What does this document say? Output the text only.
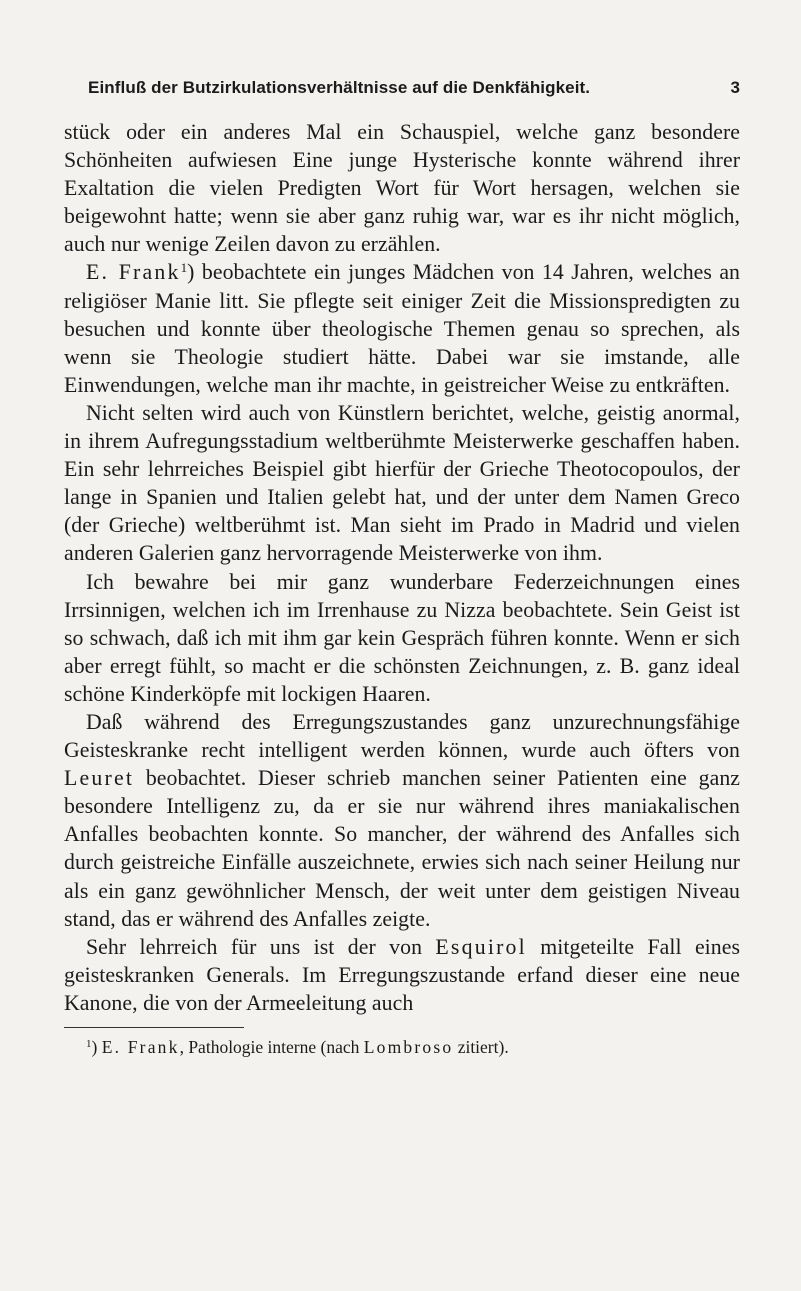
Einfluß der Butzirkulationsverhältnisse auf die Denkfähigkeit.	3

stück oder ein anderes Mal ein Schauspiel, welche ganz besondere Schönheiten aufwiesen Eine junge Hysterische konnte während ihrer Exaltation die vielen Predigten Wort für Wort hersagen, welchen sie beigewohnt hatte; wenn sie aber ganz ruhig war, war es ihr nicht möglich, auch nur wenige Zeilen davon zu erzählen.

E. Frank$^1$) beobachtete ein junges Mädchen von 14 Jahren, welches an religiöser Manie litt. Sie pflegte seit einiger Zeit die Missionspredigten zu besuchen und konnte über theologische Themen genau so sprechen, als wenn sie Theologie studiert hätte. Dabei war sie imstande, alle Einwendungen, welche man ihr machte, in geistreicher Weise zu entkräften.

Nicht selten wird auch von Künstlern berichtet, welche, geistig anormal, in ihrem Aufregungsstadium weltberühmte Meisterwerke geschaffen haben. Ein sehr lehrreiches Beispiel gibt hierfür der Grieche Theotocopoulos, der lange in Spanien und Italien gelebt hat, und der unter dem Namen Greco (der Grieche) weltberühmt ist. Man sieht im Prado in Madrid und vielen anderen Galerien ganz hervorragende Meisterwerke von ihm.

Ich bewahre bei mir ganz wunderbare Federzeichnungen eines Irrsinnigen, welchen ich im Irrenhause zu Nizza beobachtete. Sein Geist ist so schwach, daß ich mit ihm gar kein Gespräch führen konnte. Wenn er sich aber erregt fühlt, so macht er die schönsten Zeichnungen, z. B. ganz ideal schöne Kinderköpfe mit lockigen Haaren.

Daß während des Erregungszustandes ganz unzurechnungsfähige Geisteskranke recht intelligent werden können, wurde auch öfters von Leuret beobachtet. Dieser schrieb manchen seiner Patienten eine ganz besondere Intelligenz zu, da er sie nur während ihres maniakalischen Anfalles beobachten konnte. So mancher, der während des Anfalles sich durch geistreiche Einfälle auszeichnete, erwies sich nach seiner Heilung nur als ein ganz gewöhnlicher Mensch, der weit unter dem geistigen Niveau stand, das er während des Anfalles zeigte.

Sehr lehrreich für uns ist der von Esquirol mitgeteilte Fall eines geisteskranken Generals. Im Erregungszustande erfand dieser eine neue Kanone, die von der Armeeleitung auch

$^1$) E. Frank, Pathologie interne (nach Lombroso zitiert).
